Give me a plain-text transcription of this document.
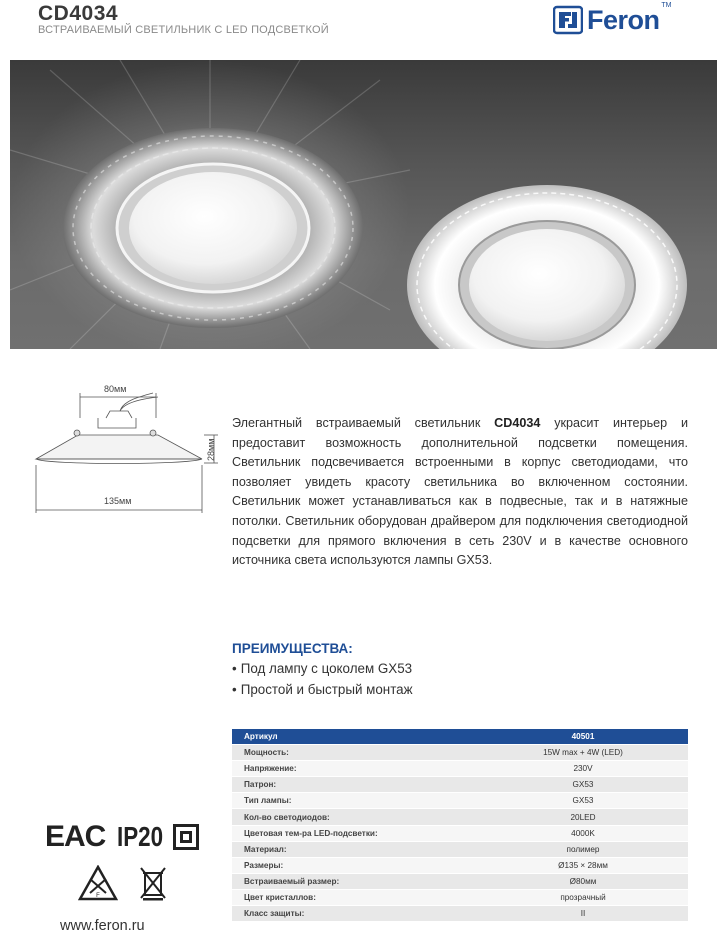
CD4034
ВСТРАИВАЕМЫЙ СВЕТИЛЬНИК С LED ПОДСВЕТКОЙ	Feron TM
80мм
28мм
135мм
Элегантный встраиваемый светильник CD4034 украсит интерьер и предоставит возможность дополнительной подсветки помещения. Светильник подсвечивается встроенными в корпус светодиодами, что позволяет увидеть красоту светильника во включенном состоянии. Светильник может устанавливаться как в подвесные, так и в натяжные потолки. Светильник оборудован драйвером для подключения светодиодной подсветки для прямого включения в сеть 230V и в качестве основного источника света используются лампы GX53.
ПРЕИМУЩЕСТВА:
• Под лампу с цоколем GX53
• Простой и быстрый монтаж
Артикул	40501
Мощность:	15W max + 4W (LED)
Напряжение:	230V
Патрон:	GX53
Тип лампы:	GX53
Кол-во светодиодов:	20LED
Цветовая тем-ра LED-подсветки:	4000K
Материал:	полимер
Размеры:	Ø135 × 28мм
Встраиваемый размер:	Ø80мм
Цвет кристаллов:	прозрачный
Класс защиты:	II
EAC IP20
F
www.feron.ru
